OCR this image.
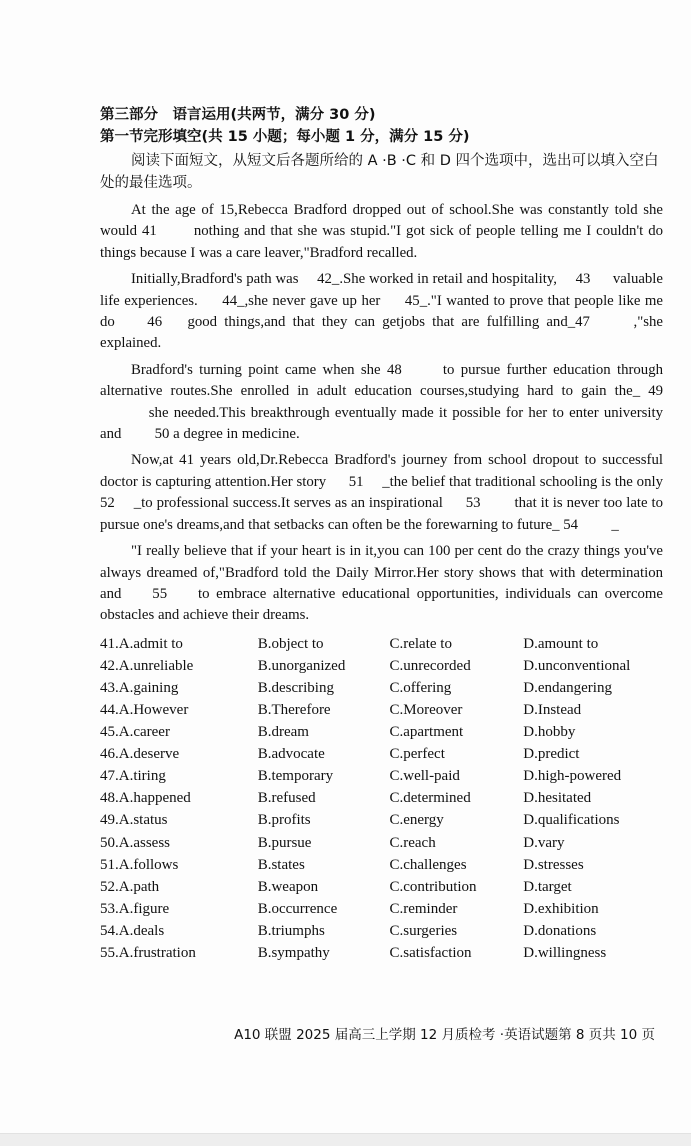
第三部分　语言运用(共两节，满分 30 分)
第一节完形填空(共 15 小题；每小题 1 分，满分 15 分)
阅读下面短文，从短文后各题所给的 A ·B ·C 和 D 四个选项中，选出可以填入空白处的最佳选项。
At the age of 15,Rebecca Bradford dropped out of school.She was constantly told she would 41 　　nothing and that she was stupid."I got sick of people telling me I couldn't do things because I was a care leaver,"Bradford recalled.
Initially,Bradford's path was 　42_.She worked in retail and hospitality, 　43 　 valuable life experiences. 　 44_,she never gave up her 　 45_."I wanted to prove that people like me do 　 46 　good things,and that they can getjobs that are fulfilling and_47 　　,"she explained.
Bradford's turning point came when she 48 　　to pursue further education through alternative routes.She enrolled in adult education courses,studying hard to gain the_ 49 　　　she needed.This breakthrough eventually made it possible for her to enter university and 　　50 a degree in medicine.
Now,at 41 years old,Dr.Rebecca Bradford's journey from school dropout to successful doctor is capturing attention.Her story 　 51 　_the belief that traditional schooling is the only 52 　_to professional success.It serves as an inspirational 　 53 　　that it is never too late to pursue one's dreams,and that setbacks can often be the forewarning to future_ 54 　　_
"I really believe that if your heart is in it,you can 100 per cent do the crazy things you've always dreamed of,"Bradford told the Daily Mirror.Her story shows that with determination and 　 55 　 to embrace alternative educational opportunities, individuals can overcome obstacles and achieve their dreams.
41.A.admit to	B.object to	C.relate to	D.amount to
42.A.unreliable	B.unorganized	C.unrecorded	D.unconventional
43.A.gaining	B.describing	C.offering	D.endangering
44.A.However	B.Therefore	C.Moreover	D.Instead
45.A.career	B.dream	C.apartment	D.hobby
46.A.deserve	B.advocate	C.perfect	D.predict
47.A.tiring	B.temporary	C.well-paid	D.high-powered
48.A.happened	B.refused	C.determined	D.hesitated
49.A.status	B.profits	C.energy	D.qualifications
50.A.assess	B.pursue	C.reach	D.vary
51.A.follows	B.states	C.challenges	D.stresses
52.A.path	B.weapon	C.contribution	D.target
53.A.figure	B.occurrence	C.reminder	D.exhibition
54.A.deals	B.triumphs	C.surgeries	D.donations
55.A.frustration	B.sympathy	C.satisfaction	D.willingness
A10 联盟 2025 届高三上学期 12 月质检考 ·英语试题第 8 页共 10 页
